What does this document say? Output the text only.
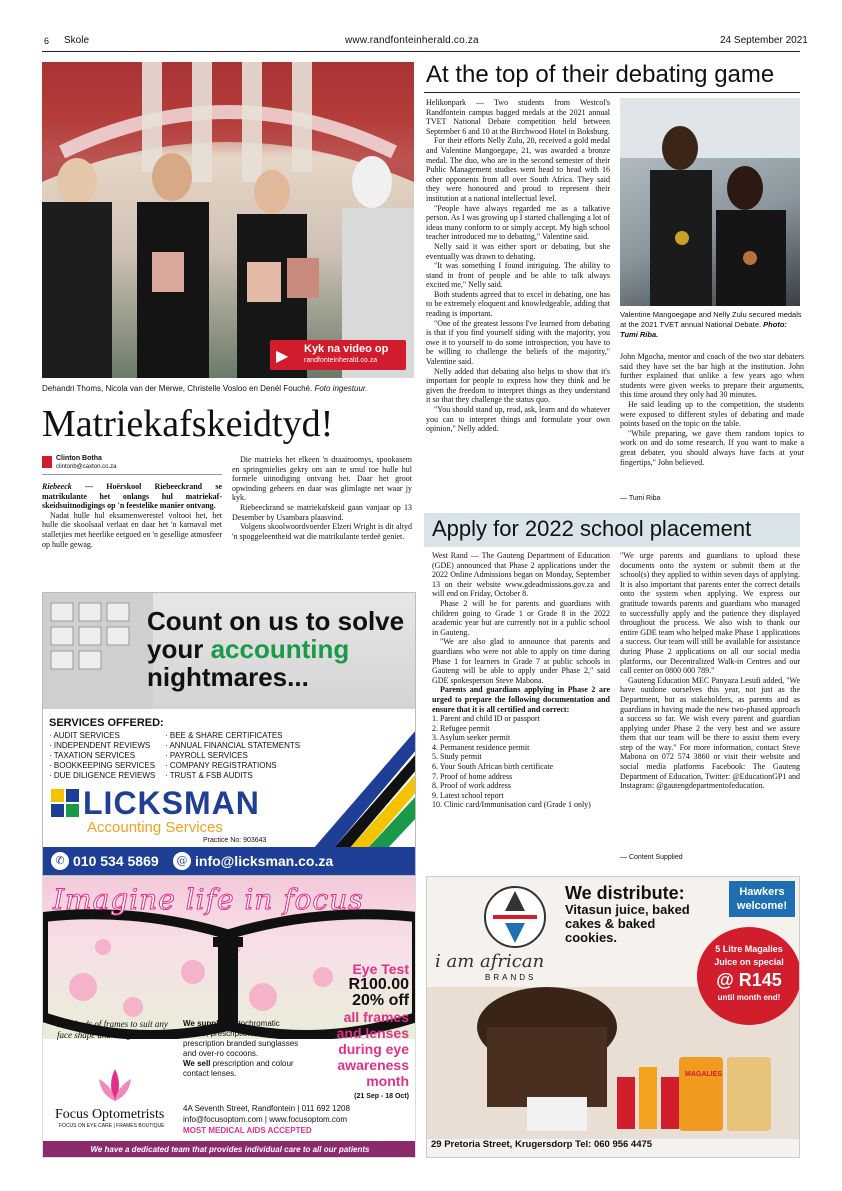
6 Skole	www.randfonteinherald.co.za	24 September 2021
▶ Kyk na video op
randfonteinherald.co.za
Dehandri Thoms, Nicola van der Merwe, Christelle Vosloo en Denél Fouché. Foto ingestuur.
Matriekafskeidtyd!
Clinton Botha
clintonb@caxton.co.za

Riebeeck — Hoërskool Riebeeckrand se matrikulante het onlangs hul matriekaf-skeidsuitnodigings op 'n feestelike manier ontvang.

Nadat hulle hul eksamenwerestel voltooi het, het hulle die skoolsaal verlaat en daar het 'n karnaval met stalletjies met heerlike eetgoed en 'n gesellige atmosfeer op hulle gewag.

Die matrieks het elkeen 'n draairoomys, spookasem en springmielies gekry om aan te smul toe hulle hul formele uitnodiging ontvang het. Daar het groot opwinding geheers en daar was glimlagte net waar jy kyk.

Riebeeckrand se matriekafskeid gaan vanjaar op 13 Desember by Usambara plaasvind.

Volgens skoolwoordvoerder Elzeri Wright is dit altyd 'n spoggeleentheid wat die matrikulante terdeë geniet.

At the top of their debating game

Helikonpark — Two students from Westcol's Randfontein campus bagged medals at the 2021 annual TVET National Debate competition held between September 6 and 10 at the Birchwood Hotel in Boksburg.

For their efforts Nelly Zulu, 20, received a gold medal and Valentine Mangoegape, 21, was awarded a bronze medal. The duo, who are in the second semester of their Public Management studies went head to head with 16 other opponents from all over South Africa. They said they were honoured and proud to represent their institution at a national intellectual level.

"People have always regarded me as a talkative person. As I was growing up I started challenging a lot of ideas many conform to or simply accept. My high school teacher introduced me to debating," Valentine said.

Nelly said it was either sport or debating, but she eventually was drawn to debating.

"It was something I found intriguing. The ability to stand in front of people and be able to talk always excited me," Nelly said.

Both students agreed that to excel in debating, one has to be extremely eloquent and knowledgeable, adding that reading is important.

"One of the greatest lessons I've learned from debating is that if you find yourself siding with the majority, you owe it to yourself to do some introspection, you have to be willing to challenge the beliefs of the majority," Valentine said.

Nelly added that debating also helps to show that it's important for people to express how they think and be given the freedom to interpret things as they understand it so that they challenge the status quo.

"You should stand up, read, ask, learn and do whatever you can to interpret things and formulate your own opinion," Nelly added.

Valentine Mangoegape and Nelly Zulu secured medals at the 2021 TVET annual National Debate. Photo: Tumi Riba.

John Mgocha, mentor and coach of the two star debaters said they have set the bar high at the institution. John further explained that unlike a few years ago when students were given weeks to prepare their arguments, this time around they only had 30 minutes.

He said leading up to the competition, the students were exposed to different styles of debating and made points based on the topic on the table.

"While preparing, we gave them random topics to work on and do some research. If you want to make a great debater, you should always have facts at your fingertips," John believed.

— Tumi Riba
Apply for 2022 school placement

West Rand — The Gauteng Department of Education (GDE) announced that Phase 2 applications under the 2022 Online Admissions began on Monday, September 13 on their website www.gdeadmissions.gov.za and will end on Friday, October 8.

Phase 2 will be for parents and guardians with children going to Grade 1 or Grade 8 in the 2022 academic year but are currently not in a public school in Gauteng.

"We are also glad to announce that parents and guardians who were not able to apply on time during Phase 1 for learners in Grade 7 at public schools in Gauteng will be able to apply under Phase 2," said GDE spokesperson Steve Mabona.

Parents and guardians applying in Phase 2 are urged to prepare the following documentation and ensure that it is all certified and correct:

1. Parent and child ID or passport

2. Refugee permit

3. Asylum seeker permit

4. Permanent residence permit

5. Study permit

6. Your South African birth certificate

7. Proof of home address

8. Proof of work address

9. Latest school report

10. Clinic card/Immunisation card (Grade 1 only)

"We urge parents and guardians to upload these documents onto the system or submit them at the school(s) they applied to within seven days of applying. It is also important that parents enter the correct details onto the system when applying. We express our gratitude towards parents and guardians who managed to successfully apply and the patience they displayed throughout the process. We also wish to thank our entire GDE team who helped make Phase 1 applications a success. Our team will still be available for assistance during Phase 2 applications on all our social media platforms, our Decentralized Walk-in Centres and our call center on 0800 000 789."

Gauteng Education MEC Panyaza Lesufi added, "We have outdone ourselves this year, not just as the Department, but as stakeholders, as parents and as guardians in having made the new two-phased approach a success so far. We wish every parent and guardian applying under Phase 2 the very best and we assure them that our team will be there to assist them every step of the way." For more information, contact Steve Mabona on 072 574 3860 or visit their website and social media platforms Facebook: The Gauteng Department of Education, Twitter: @EducationGP1 and Instagram: @gautengdepartmentofeducation.

— Content Supplied
Count on us to solve
your accounting
nightmares...
SERVICES OFFERED:

· AUDIT SERVICES

· INDEPENDENT REVIEWS

· TAXATION SERVICES

· BOOKKEEPING SERVICES

· DUE DILIGENCE REVIEWS

· BEE & SHARE CERTIFICATES

· ANNUAL FINANCIAL STATEMENTS

· PAYROLL SERVICES

· COMPANY REGISTRATIONS

· TRUST & FSB AUDITS

LICKSMAN
Accounting Services
Practice No: 903643
✆ 010 534 5869	@ info@licksman.co.za
Imagine life in focus
Eye Test
R100.00
20% off
all frames
and lenses
during eye
awareness
month
(21 Sep - 18 Oct)
Hundreds of frames to suit any face shape and budget.
We supply photochromatic lenses, prescription and non-prescription branded sunglasses and over-ro cocoons.
We sell prescription and colour contact lenses.
Focus Optometrists
FOCUS ON EYE CARE | FRAMES BOUTIQUE
4A Seventh Street, Randfontein | 011 692 1208
info@focusoptom.com | www.focusoptom.com
MOST MEDICAL AIDS ACCEPTED
We have a dedicated team that provides individual care to all our patients
i am african
BRANDS
We distribute:
Vitasun juice, baked
cakes & baked
cookies.
Hawkers
welcome!
MAGALIES
5 Litre Magalies
Juice on special
@ R145
until month end!
29 Pretoria Street, Krugersdorp Tel: 060 956 4475
